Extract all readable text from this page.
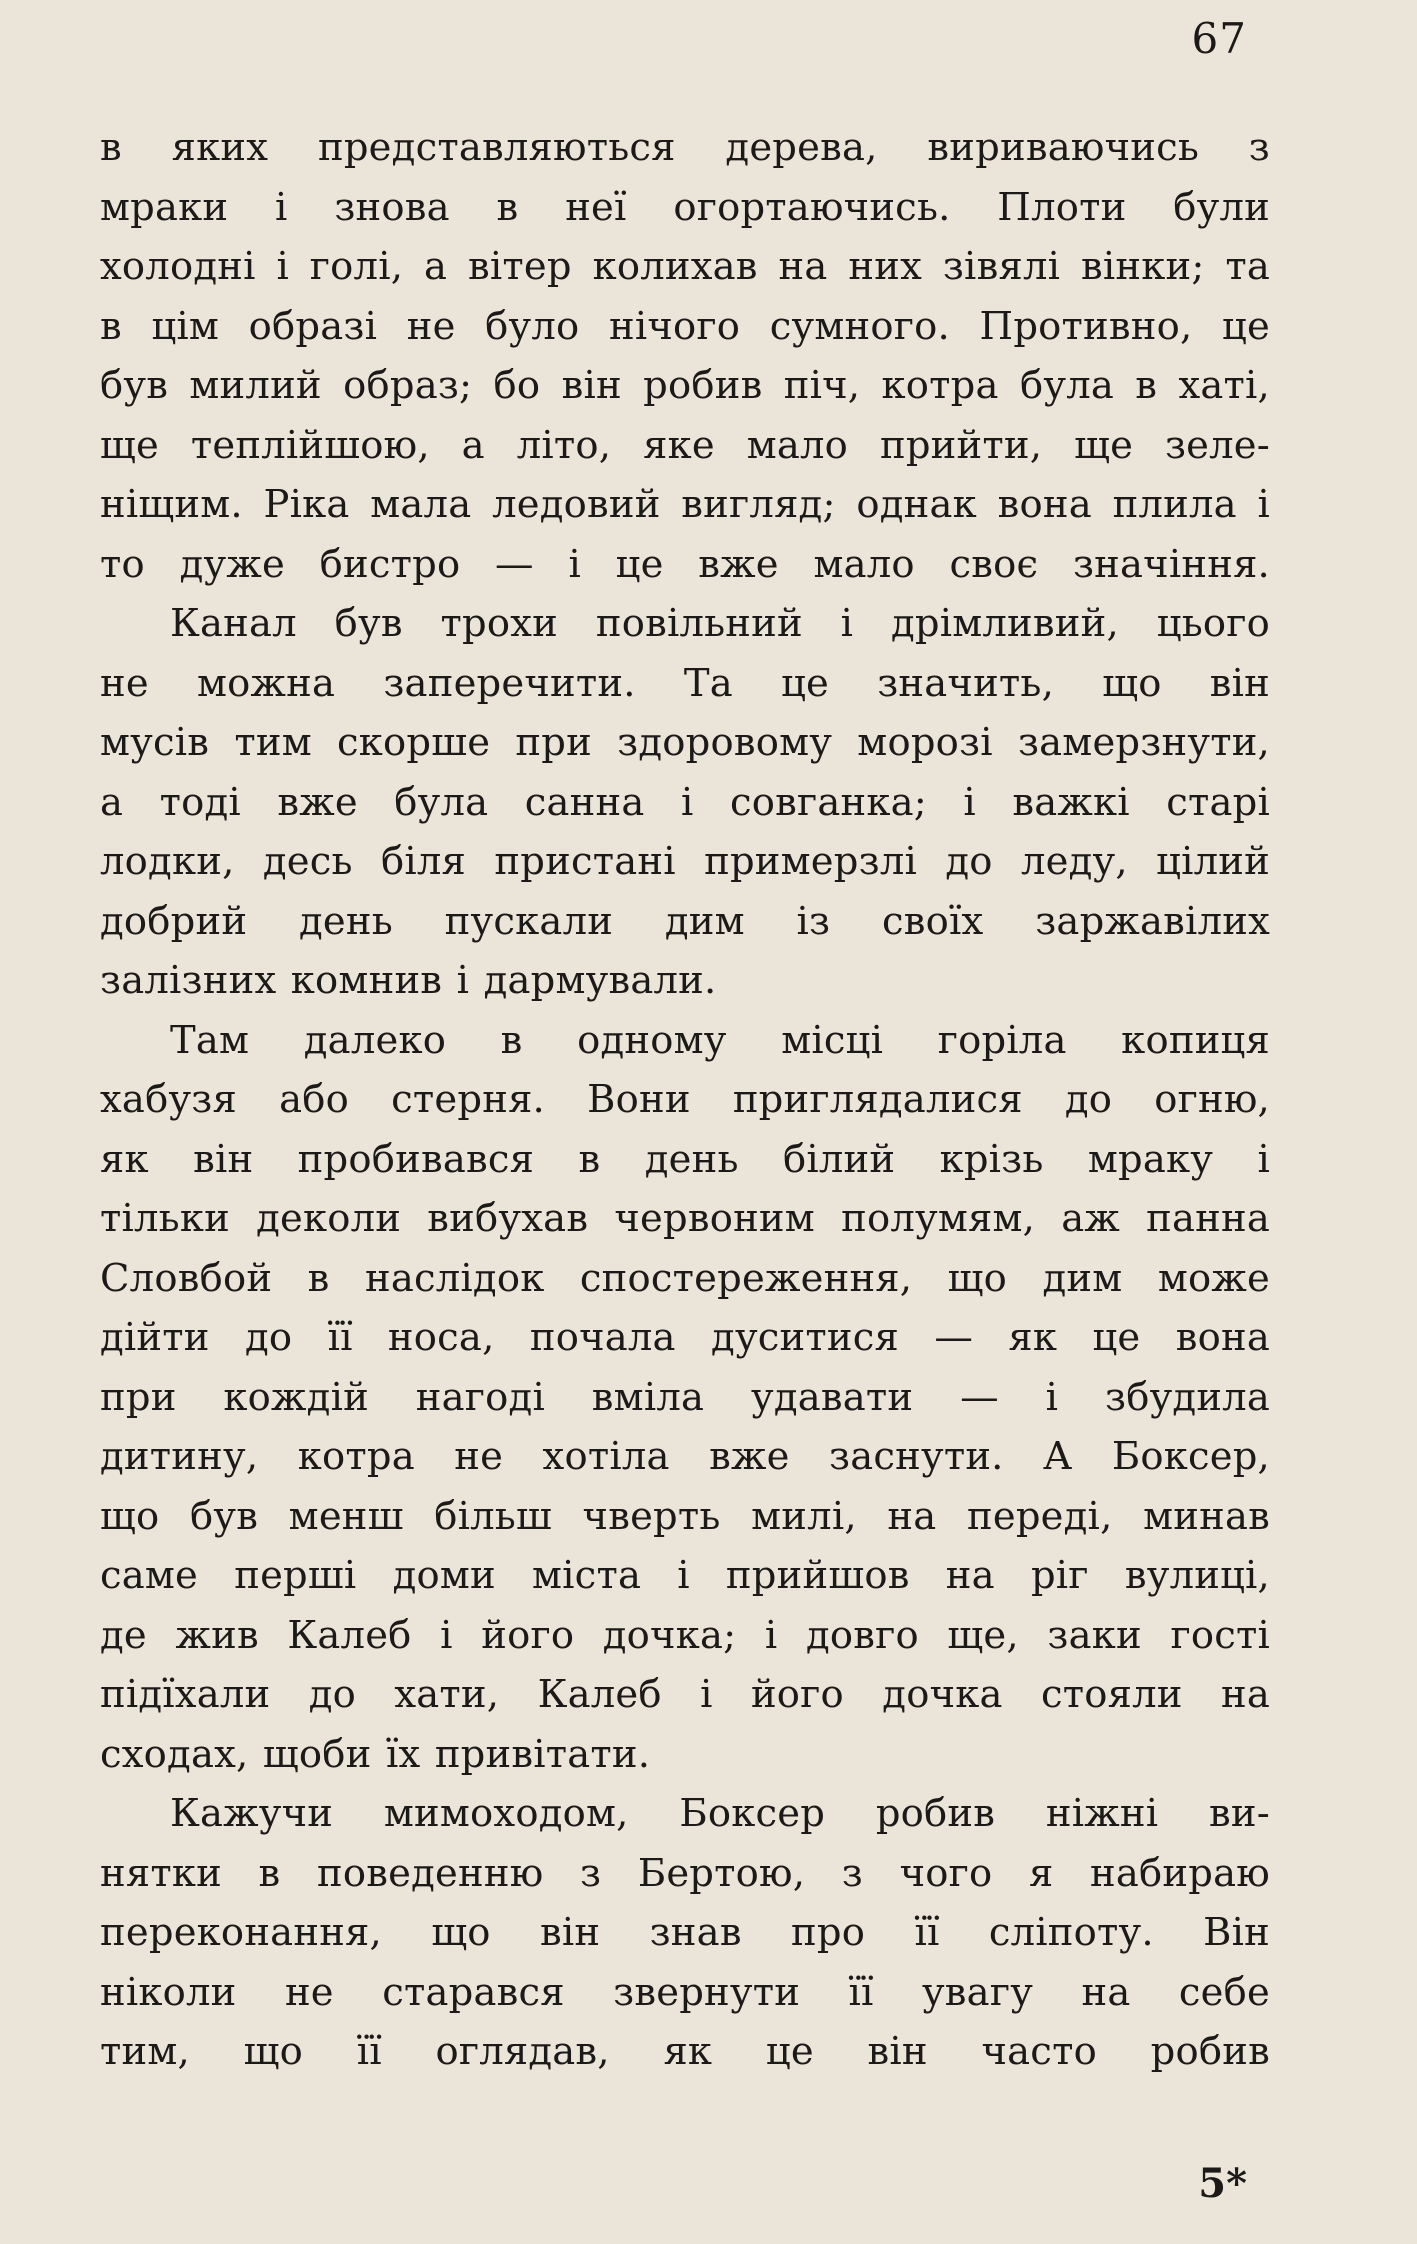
67

в яких представляються дерева, вириваючись з
мраки і знова в неї огортаючись. Плоти були
холодні і голі, а вітер колихав на них зівялі вінки; та
в цім образі не було нічого сумного. Противно, це
був милий образ; бо він робив піч, котра була в хаті,
ще теплійшою, а літо, яке мало прийти, ще зеле-
ніщим. Ріка мала ледовий вигляд; однак вона плила і
то дуже бистро — і це вже мало своє значіння.

Канал був трохи повільний і дрімливий, цього
не можна заперечити. Та це значить, що він
мусів тим скорше при здоровому морозі замерзнути,
а тоді вже була санна і совганка; і важкі старі
лодки, десь біля пристані примерзлі до леду, цілий
добрий день пускали дим із своїх заржавілих
залізних комнив і дармували.

Там далеко в одному місці горіла копиця
хабузя або стерня. Вони приглядалися до огню,
як він пробивався в день білий крізь мраку і
тільки деколи вибухав червоним полумям, аж панна
Словбой в наслідок спостереження, що дим може
дійти до її носа, почала дуситися — як це вона
при кождій нагоді вміла удавати — і збудила
дитину, котра не хотіла вже заснути. А Боксер,
що був менш більш чверть милі, на переді, минав
саме перші доми міста і прийшов на ріг вулиці,
де жив Калеб і його дочка; і довго ще, заки гості
підїхали до хати, Калеб і його дочка стояли на
сходах, щоби їх привітати.

Кажучи мимоходом, Боксер робив ніжні ви-
нятки в поведенню з Бертою, з чого я набираю
переконання, що він знав про її сліпоту. Він
ніколи не старався звернути її увагу на себе
тим, що її оглядав, як це він часто робив

5*
